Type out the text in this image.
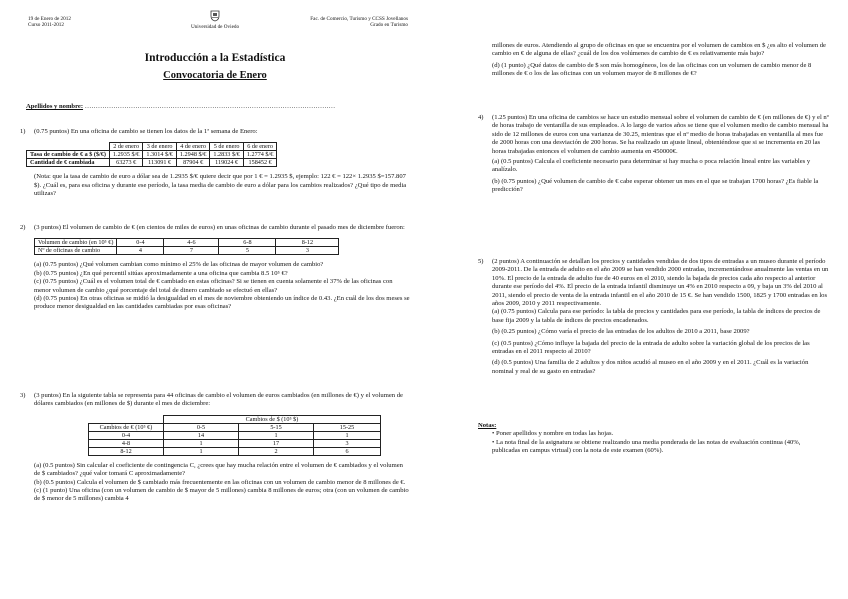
19 de Enero de 2012
Curso 2011-2012	Universidad de Oviedo
Fac. de Comercio, Turismo y CCSS Jovellanos
Grado en Turismo
Introducción a la Estadística
Convocatoria de Enero
Apellidos y nombre: ……………………………………………………………………………………………………
1) (0.75 puntos) En una oficina de cambio se tienen los datos de la 1ª semana de Enero:

	2 de enero	3 de enero	4 de enero	5 de enero	6 de enero
Tasa de cambio de € a $ ($/€)	1.2935 $/€	1.3014 $/€	1.2948 $/€	1.2833 $/€	1.2774 $/€
Cantidad de € cambiada	63273 €	113091 €	87904 €	119024 €	158452 €

(Nota: que la tasa de cambio de euro a dólar sea de 1.2935 $/€ quiere decir que por 1 € = 1.2935 $, ejemplo: 122 € = 122× 1.2935 $=157.807 $). ¿Cuál es, para esa oficina y durante ese período, la tasa media de cambio de euro a dólar para los cambios realizados? ¿Qué tipo de media utilizas?

2) (3 puntos) El volumen de cambio de € (en cientos de miles de euros) en unas oficinas de cambio durante el pasado mes de diciembre fueron:

Volumen de cambio (en 10⁵ €)	0-4	4-6	6-8	8-12
Nº de oficinas de cambio	4	7	5	3

(a) (0.75 puntos) ¿Qué volumen cambian como mínimo el 25% de las oficinas de mayor volumen de cambio?

(b) (0.75 puntos) ¿En qué percentil sitúas aproximadamente a una oficina que cambia 8.5 10⁵ €?

(c) (0.75 puntos) ¿Cuál es el volumen total de € cambiado en estas oficinas? Si se tienen en cuenta solamente el 37% de las oficinas con menor volumen de cambio ¿qué porcentaje del total de dinero cambiado se efectuó en ellas?

(d) (0.75 puntos) En otras oficinas se midió la desigualdad en el mes de noviembre obteniendo un índice de 0.43. ¿En cuál de los dos meses se produce menor desigualdad en las cantidades cambiadas por esas oficinas?

3) (3 puntos) En la siguiente tabla se representa para 44 oficinas de cambio el volumen de euros cambiados (en millones de €) y el volumen de dólares cambiados (en millones de $) durante el mes de diciembre:

	Cambios de $ (10⁵ $)		
Cambios de € (10⁵ €)	0-5	5-15	15-25
0-4	14	1	1
4-8	1	17	3
8-12	1	2	6

(a) (0.5 puntos) Sin calcular el coeficiente de contingencia C, ¿crees que hay mucha relación entre el volumen de € cambiados y el volumen de $ cambiados? ¿qué valor tomará C aproximadamente?

(b) (0.5 puntos) Calcula el volumen de $ cambiado más frecuentemente en las oficinas con un volumen de cambio menor de 8 millones de €.

(c) (1 punto) Una oficina (con un volumen de cambio de $ mayor de 5 millones) cambia 8 millones de euros; otra (con un volumen de cambio de $ menor de 5 millones) cambia 4

millones de euros. Atendiendo al grupo de oficinas en que se encuentra por el volumen de cambios en $ ¿es alto el volumen de cambio en € de alguna de ellas? ¿cuál de los dos volúmenes de cambio de € es relativamente más bajo?

(d) (1 punto) ¿Qué datos de cambio de $ son más homogéneos, los de las oficinas con un volumen de cambio menor de 8 millones de € o los de las oficinas con un volumen mayor de 8 millones de €?

4) (1.25 puntos) En una oficina de cambios se hace un estudio mensual sobre el volumen de cambio de € (en millones de €) y el nº de horas trabajo de ventanilla de sus empleados. A lo largo de varios años se tiene que el volumen medio de cambio mensual ha sido de 12 millones de euros con una varianza de 30.25, mientras que el nº medio de horas trabajadas en ventanilla al mes fue de 2000 horas con una desviación de 200 horas. Se ha realizado un ajuste lineal, obteniéndose que si se incrementa en 20 las horas trabajadas entonces el volumen de cambio aumenta en 450000€.

(a) (0.5 puntos) Calcula el coeficiente necesario para determinar si hay mucha o poca relación lineal entre las variables y analízalo.

(b) (0.75 puntos) ¿Qué volumen de cambio de € cabe esperar obtener un mes en el que se trabajan 1700 horas? ¿Es fiable la predicción?

5) (2 puntos) A continuación se detallan los precios y cantidades vendidas de dos tipos de entradas a un museo durante el período 2009-2011. De la entrada de adulto en el año 2009 se han vendido 2000 entradas, incrementándose anualmente las ventas en un 10%. El precio de la entrada de adulto fue de 40 euros en el 2010, siendo la bajada de precios cada año respecto al anterior durante ese período del 4%. El precio de la entrada infantil disminuye un 4% en 2010 respecto a 09, y baja un 3% del 2010 al 2011, siendo el precio de venta de la entrada infantil en el año 2010 de 15 €. Se han vendido 1500, 1825 y 1700 entradas en los años 2009, 2010 y 2011 respectivamente.

(a) (0.75 puntos) Calcula para ese período: la tabla de precios y cantidades para ese período, la tabla de índices de precios de base fija 2009 y la tabla de índices de precios encadenados.

(b) (0.25 puntos) ¿Cómo varía el precio de las entradas de los adultos de 2010 a 2011, base 2009?

(c) (0.5 puntos) ¿Cómo influye la bajada del precio de la entrada de adulto sobre la variación global de los precios de las entradas en el 2011 respecto al 2010?

(d) (0.5 puntos) Una familia de 2 adultos y dos niños acudió al museo en el año 2009 y en el 2011. ¿Cuál es la variación nominal y real de su gasto en entradas?

Notas:

• Poner apellidos y nombre en todas las hojas.

• La nota final de la asignatura se obtiene realizando una media ponderada de las notas de evaluación continua (40%, publicadas en campus virtual) con la nota de este examen (60%).
